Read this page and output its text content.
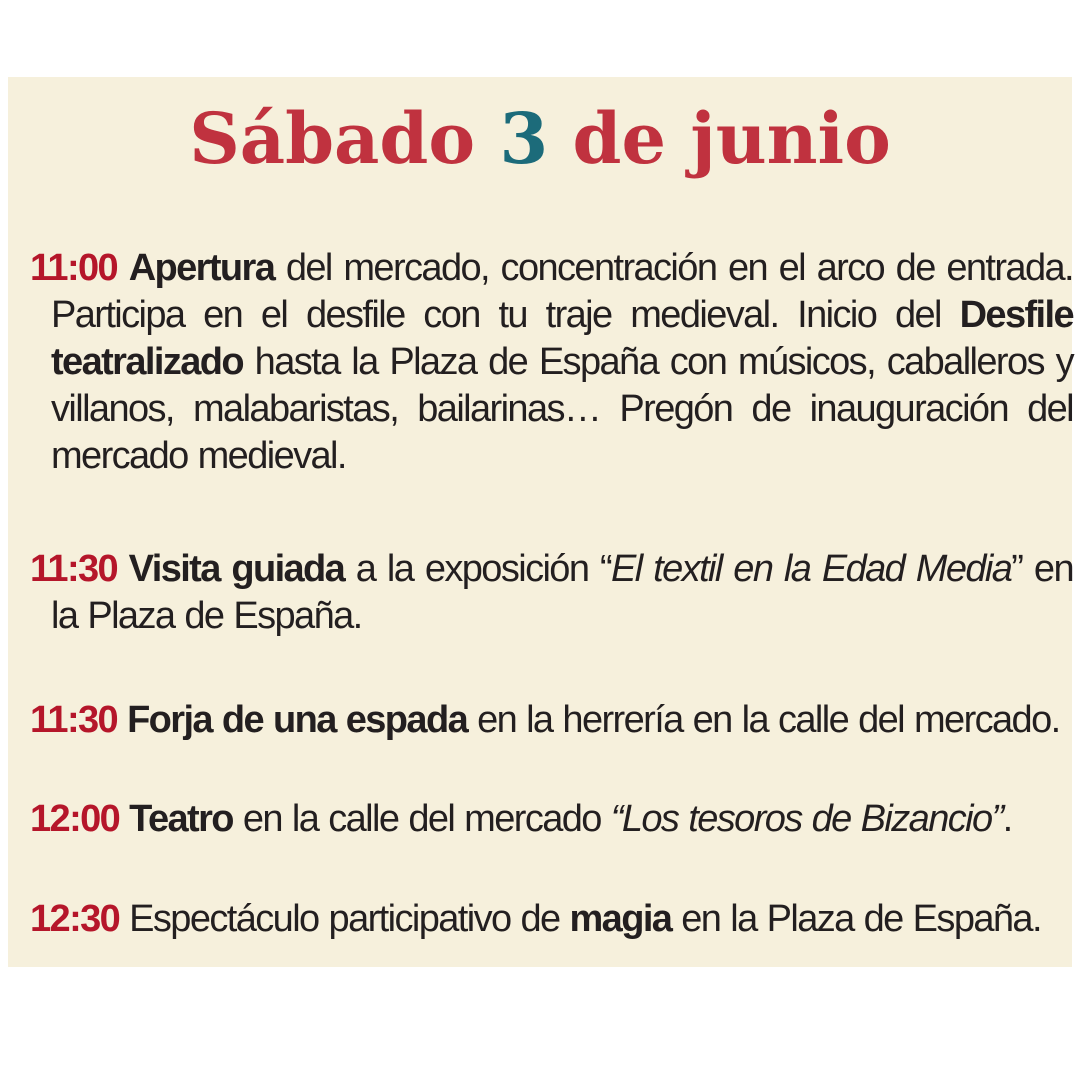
Sábado 3 de junio

11:00 Apertura del mercado, concentración en el arco de entrada. Participa en el desfile con tu traje medieval. Inicio del Desfile teatralizado hasta la Plaza de España con músicos, caballeros y villanos, malabaristas, bailarinas… Pregón de inauguración del mercado medieval.

11:30 Visita guiada a la exposición “El textil en la Edad Media” en la Plaza de España.

11:30 Forja de una espada en la herrería en la calle del mercado.

12:00 Teatro en la calle del mercado “Los tesoros de Bizancio”.

12:30 Espectáculo participativo de magia en la Plaza de España.
